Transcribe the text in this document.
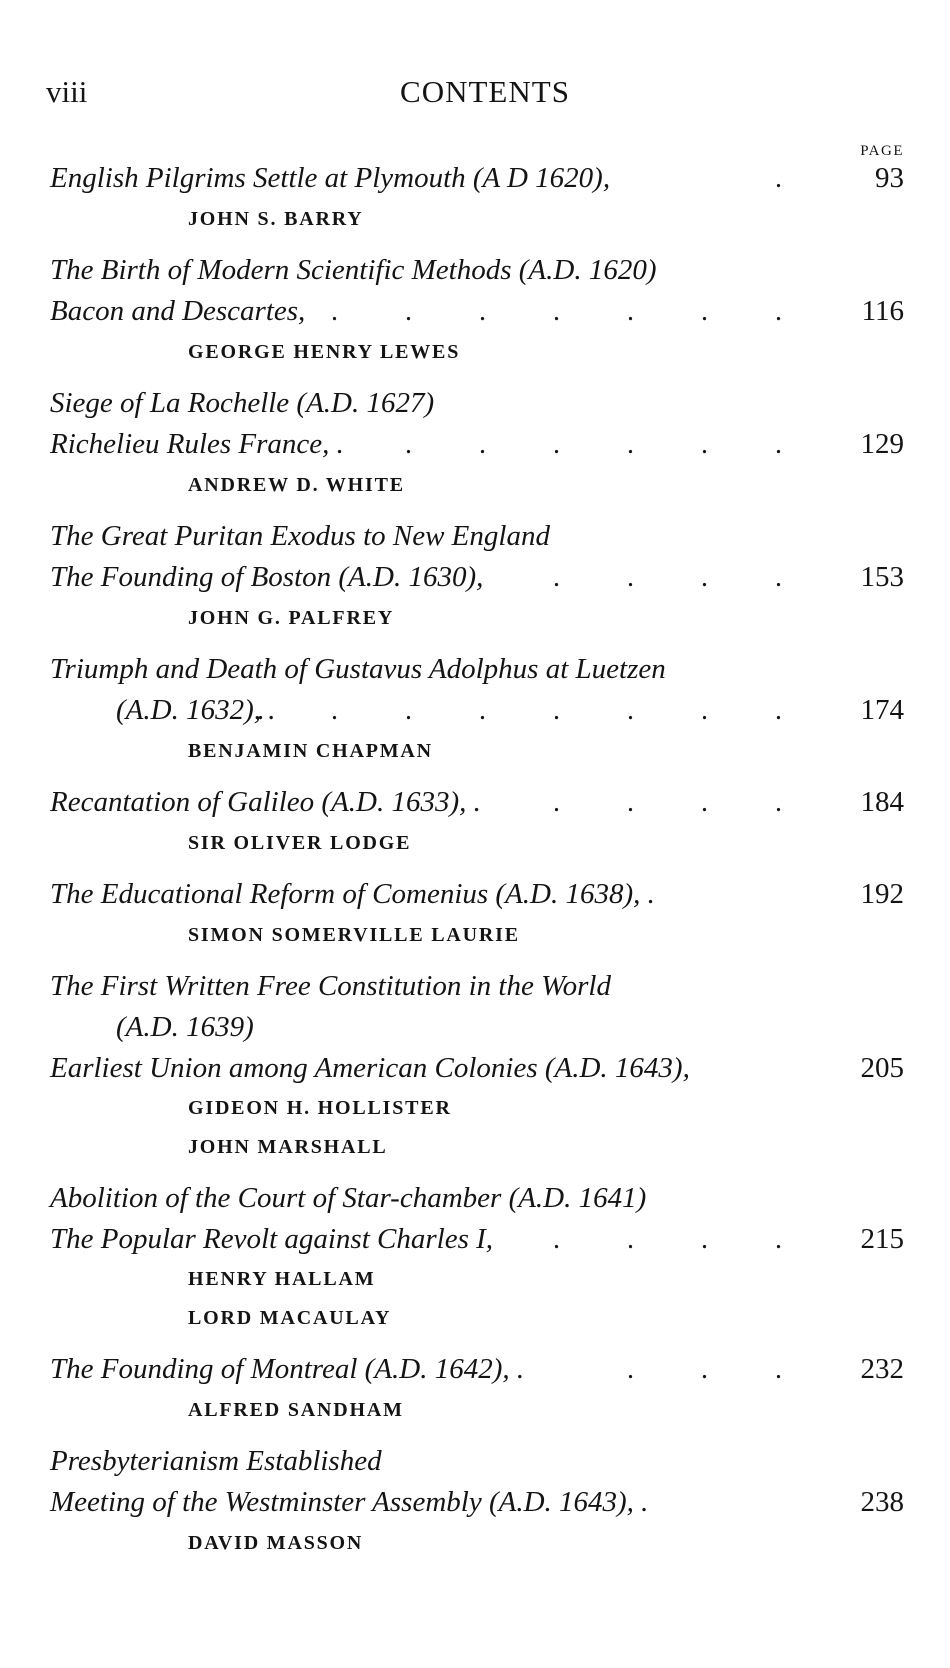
viii	CONTENTS
PAGE
English Pilgrims Settle at Plymouth (A D 1620),	. 93
JOHN S. BARRY
The Birth of Modern Scientific Methods (A.D. 1620)
Bacon and Descartes, . . . . . . . 116
GEORGE HENRY LEWES
Siege of La Rochelle (A.D. 1627)
Richelieu Rules France, . . . . . . . 129
ANDREW D. WHITE
The Great Puritan Exodus to New England
The Founding of Boston (A.D. 1630), . . . . 153
JOHN G. PALFREY
Triumph and Death of Gustavus Adolphus at Luetzen
(A.D. 1632), .
. . . . . . . . 174
BENJAMIN CHAPMAN
Recantation of Galileo (A.D. 1633), .	. . . . 184
SIR OLIVER LODGE
The Educational Reform of Comenius (A.D. 1638), .	192
SIMON SOMERVILLE LAURIE
The First Written Free Constitution in the World
(A.D. 1639)
Earliest Union among American Colonies (A.D. 1643),	205
GIDEON H. HOLLISTER
JOHN MARSHALL
Abolition of the Court of Star-chamber (A.D. 1641)
The Popular Revolt against Charles I, . . . . 215
HENRY HALLAM
LORD MACAULAY
The Founding of Montreal (A.D. 1642), .	. . . 232
ALFRED SANDHAM
Presbyterianism Established
Meeting of the Westminster Assembly (A.D. 1643), .	238
DAVID MASSON
